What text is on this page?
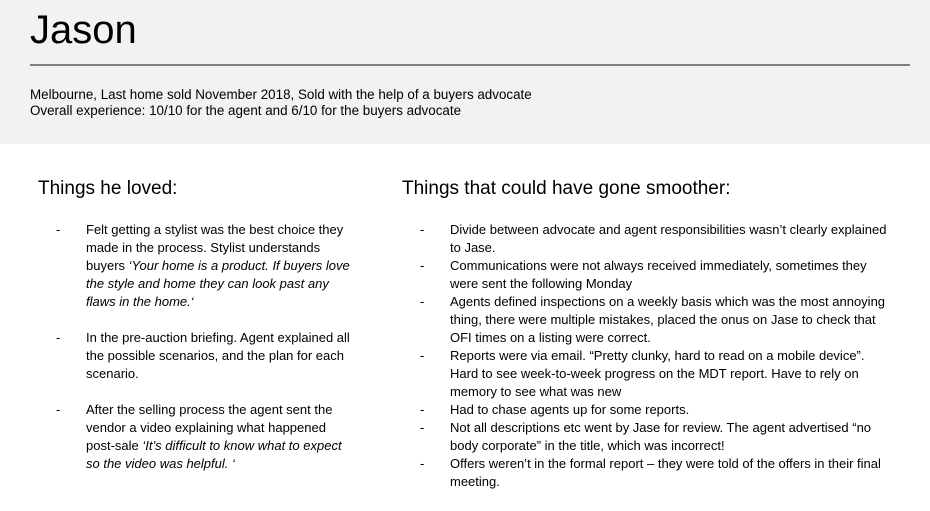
Jason
Melbourne, Last home sold November 2018, Sold with the help of a buyers advocate
Overall experience: 10/10 for the agent and 6/10 for the buyers advocate
Things he loved:
- Felt getting a stylist was the best choice they made in the process. Stylist understands buyers ‘Your home is a product. If buyers love the style and home they can look past any flaws in the home.‘
- In the pre-auction briefing. Agent explained all the possible scenarios, and the plan for each scenario.
- After the selling process the agent sent the vendor a video explaining what happened post-sale ‘It’s difficult to know what to expect so the video was helpful. ‘
Things that could have gone smoother:
- Divide between advocate and agent responsibilities wasn’t clearly explained to Jase.
- Communications were not always received immediately, sometimes they were sent the following Monday
- Agents defined inspections on a weekly basis which was the most annoying thing, there were multiple mistakes, placed the onus on Jase to check that OFI times on a listing were correct.
- Reports were via email. “Pretty clunky, hard to read on a mobile device”. Hard to see week-to-week progress on the MDT report. Have to rely on memory to see what was new
- Had to chase agents up for some reports.
- Not all descriptions etc went by Jase for review. The agent advertised “no body corporate” in the title, which was incorrect!
- Offers weren’t in the formal report – they were told of the offers in their final meeting.
